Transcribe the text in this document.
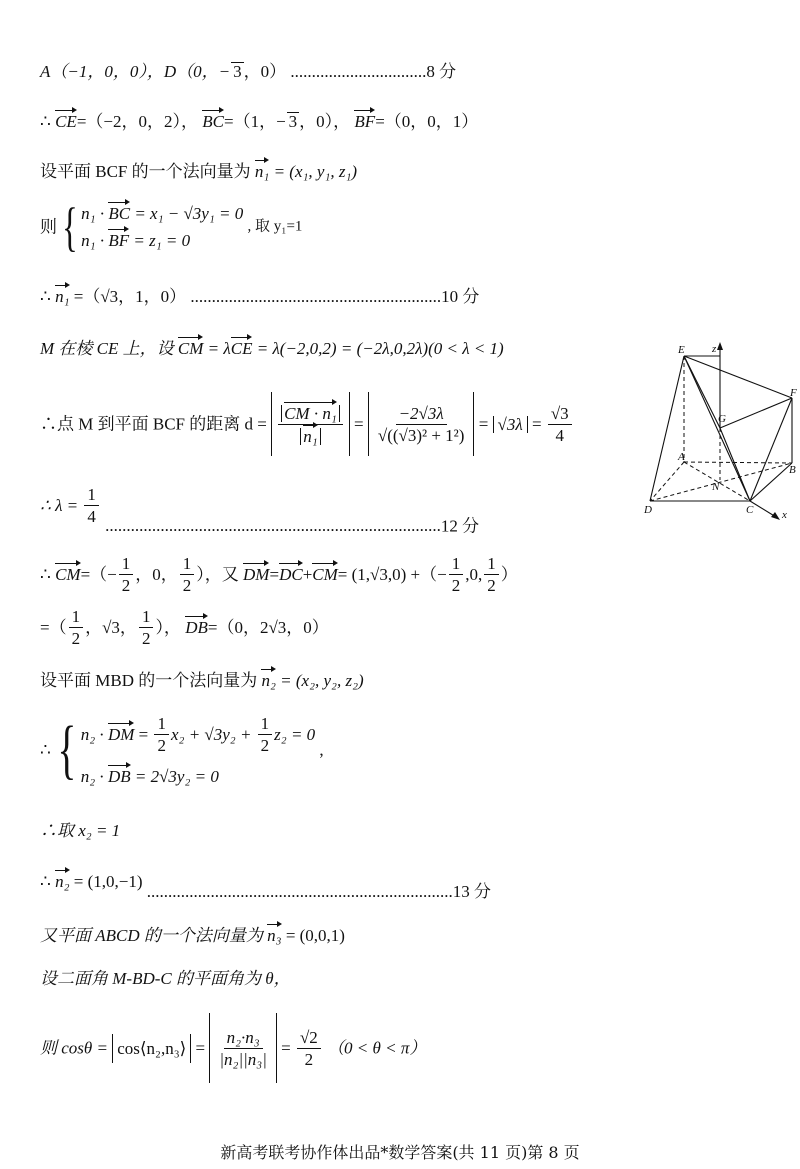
A（−1，0，0），D（0，− 3 ，0） ................................8 分
∴ CE=（−2，0，2）， BC=（1，− 3 ，0）， BF=（0，0，1）
设平面 BCF 的一个法向量为 n₁ = (x₁, y₁, z₁)
则{ n₁ · BC = x₁ − √3y₁ = 0
n₁ · BF = z₁ = 0
, 取 y₁=1
∴ n₁ =（√3，1，0） ...........................................................10 分
M 在棱 CE 上，设 CM = λCE = λ(−2,0,2) = (−2λ,0,2λ)(0 < λ < 1)
∴点 M 到平面 BCF 的距离 $d = \frac{\text{CM · n₁}}{\text{n₁}} = \frac{-2√3\lambda}{\text{√((√3)² + 1²)}} = √3\lambda = \frac{√3}{4}$
∴ $\lambda = \frac{1}{4}$
...............................................................................12 分
∴ $CM=(- \frac{1}{2}$ ，0， $\frac{1}{2}$ ），又 DM=DC+CM= (1,√3,0) +（− $\frac{1}{2} ,0$, $\frac{1}{2}$ ）
=（ $\frac{1}{2}$ ，√3， $\frac{1}{2}$ ）， DB=（0，2√3，0）
设平面 MBD 的一个法向量为 n₂ = (x₂, y₂, z₂)
∴{ n₂ · DM = $\frac{1}{2} x_2 + √3y_2 + \frac{1}{2} z_2 = 0$
n₂ · DB = 2√3y₂ = 0
,
∴取 x₂ = 1
∴ n₂ = (1,0,−1) ........................................................................13 分
又平面 ABCD 的一个法向量为 n₃ = (0,0,1)
设二面角 M-BD-C 的平面角为 θ，
则 cosθ = cos⟨n₂,n₃⟩ = $\frac{\text{n₂·n₃}}{\text{|n₂||n₃|}} = \frac{√2}{2} (0 < \theta < \pi)$
E z
F
G
A
B
N
D	C	x
新高考联考协作体出品*数学答案(共 11 页)第 8 页
